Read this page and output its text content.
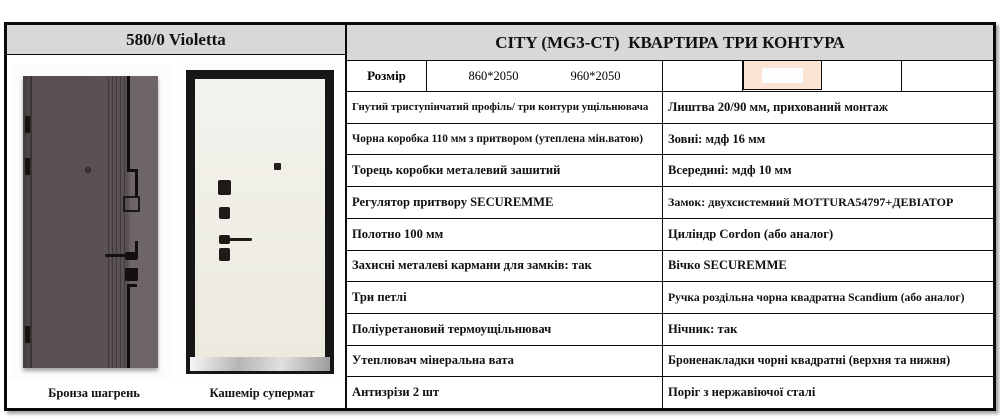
580/0 Violetta
Бронза шагрень	Кашемір супермат
CITY (MG3-CT)  КВАРТИРА ТРИ КОНТУРА
Розмір	860*2050	960*2050
Гнутий триступінчатий профіль/ три контури ущільнювача	Лиштва 20/90 мм, прихований монтаж
Чорна коробка 110 мм з притвором (утеплена мін.ватою)	Зовні: мдф 16 мм
Торець коробки металевий зашитий	Всередині: мдф 10 мм
Регулятор притвору SECUREMME	Замок: двухсистемний MOTTURA54797+ДЕВІАТОР
Полотно 100 мм	Циліндр Cordon (або аналог)
Захисні металеві кармани для замків: так	Вічко SECUREMME
Три петлі	Ручка роздільна чорна квадратна Scandium (або аналог)
Поліуретановий термоущільнювач	Нічник: так
Утеплювач мінеральна вата	Броненакладки чорні квадратні (верхня та нижня)
Антизрізи 2 шт	Поріг з нержавіючої сталі
